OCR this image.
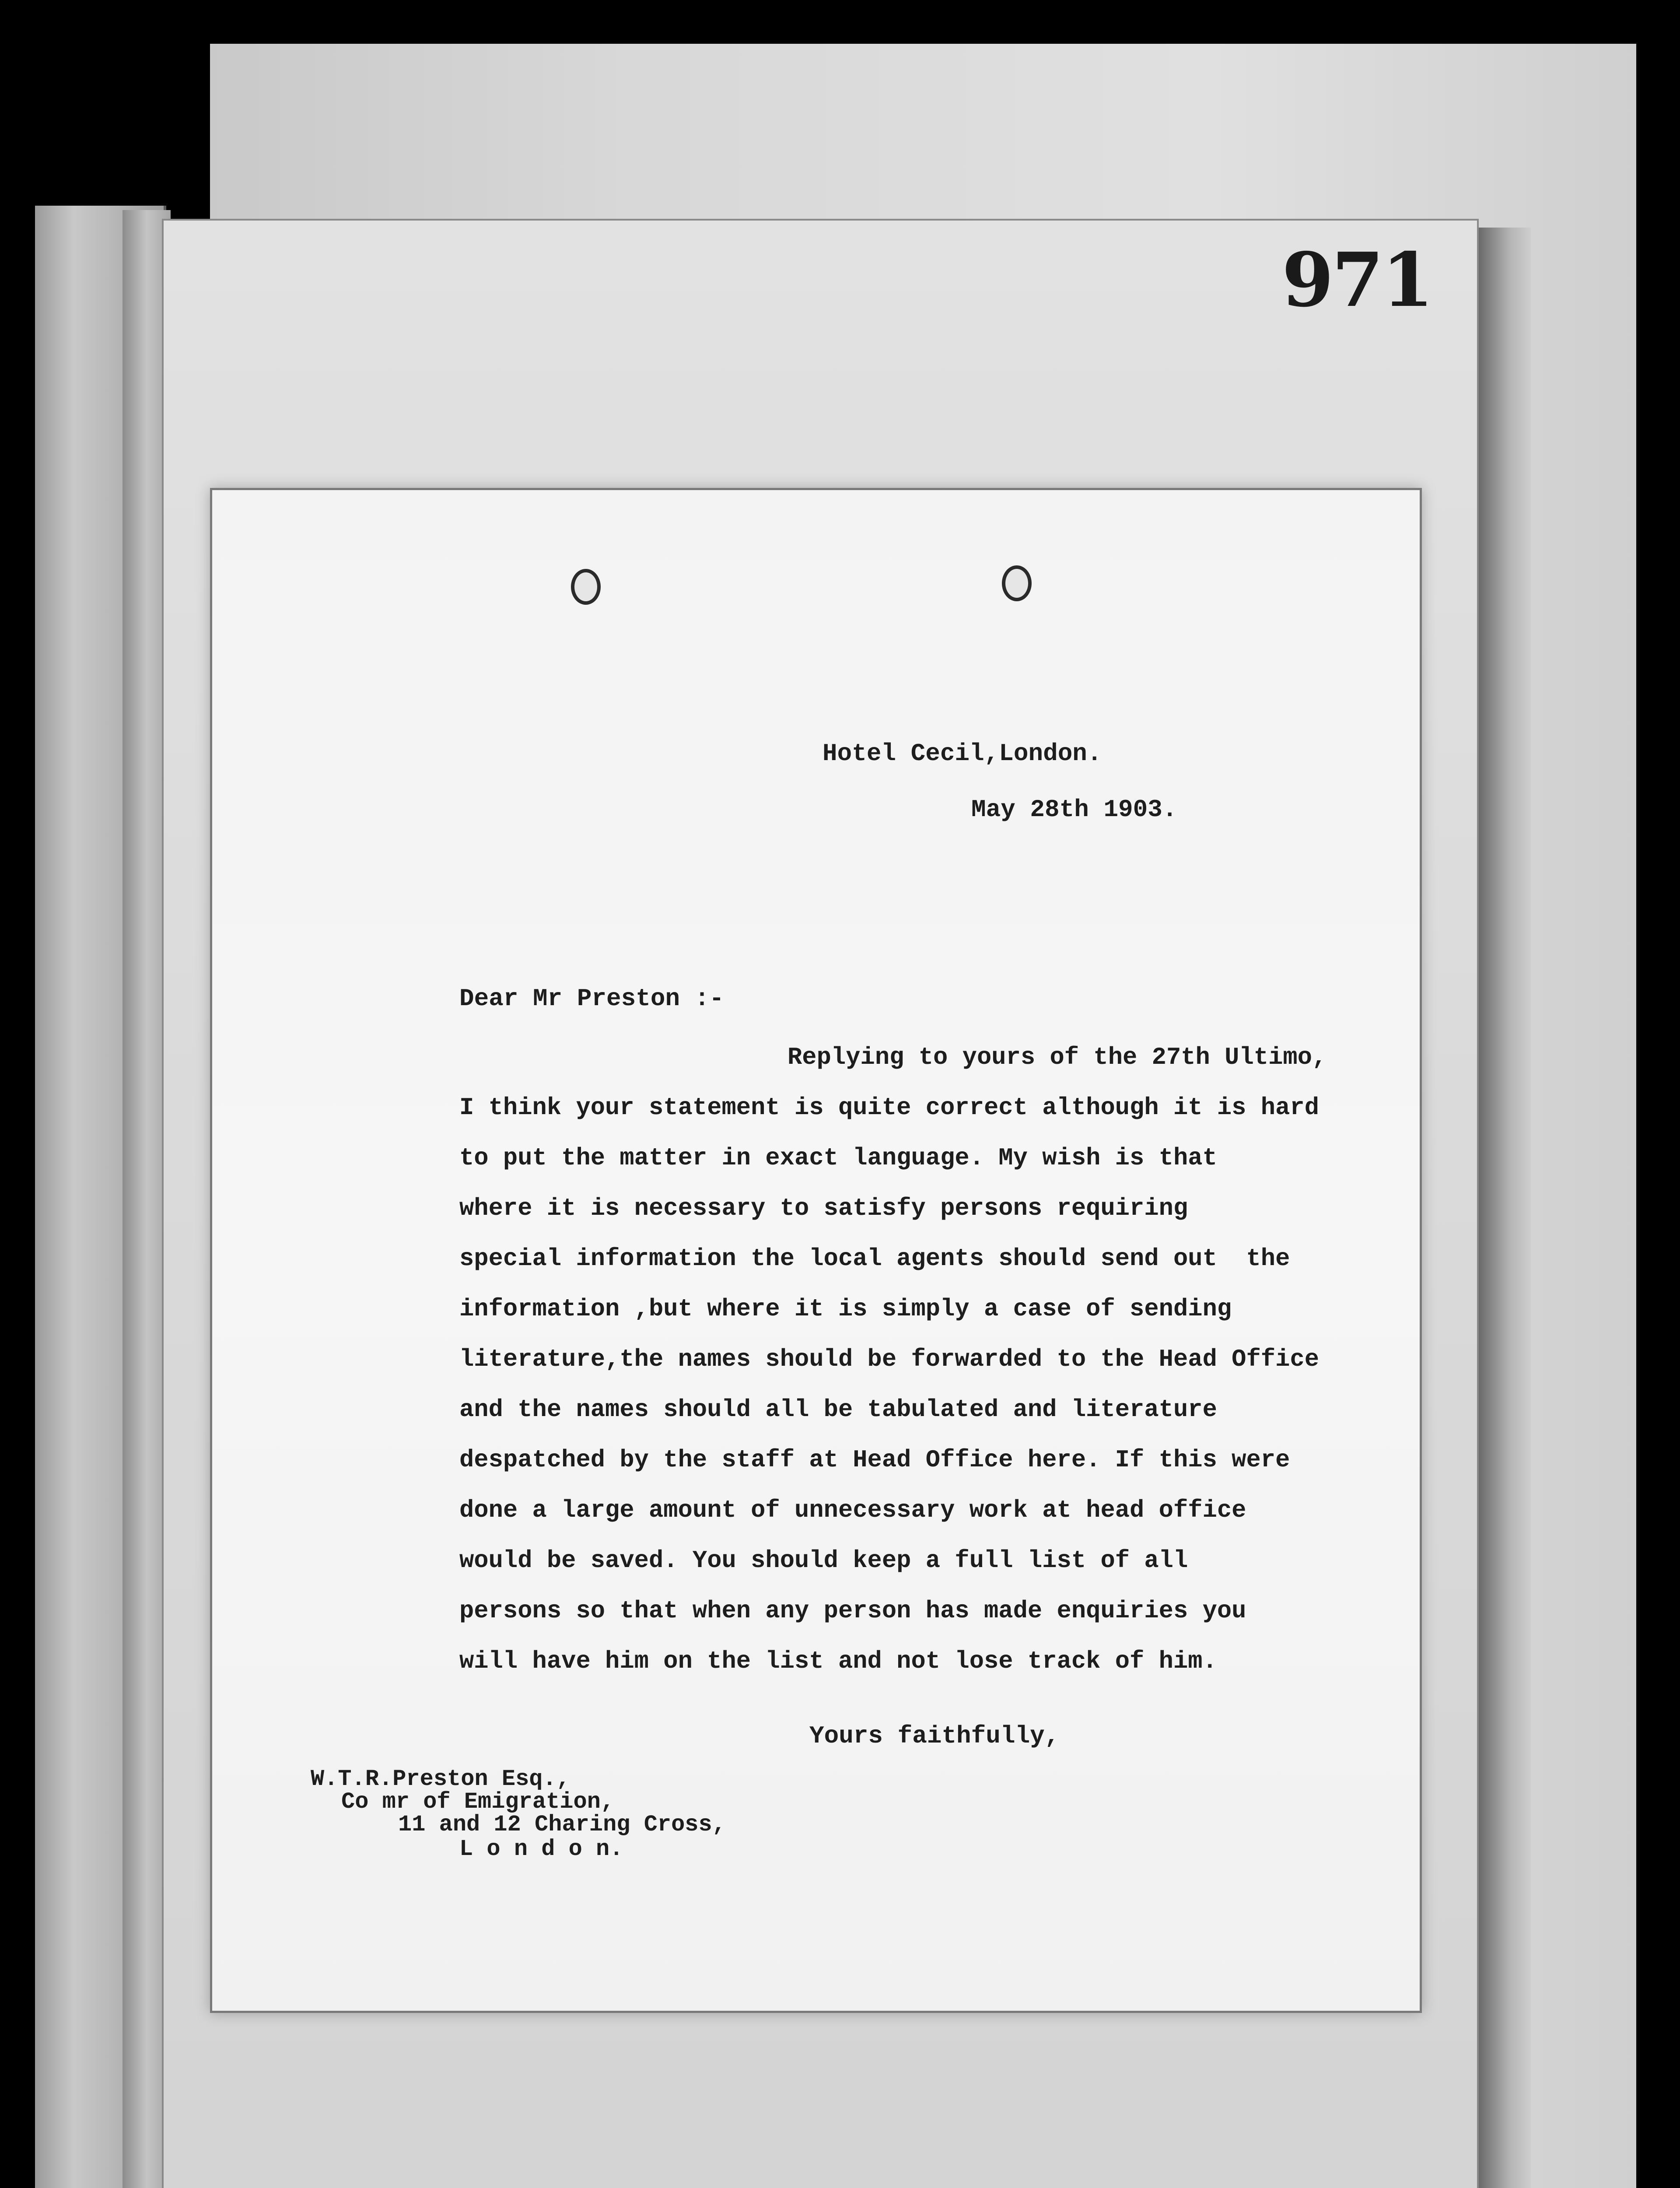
971
Hotel Cecil,London.
May 28th 1903.
Dear Mr Preston :-
Replying to yours of the 27th Ultimo,
I think your statement is quite correct although it is hard
to put the matter in exact language. My wish is that
where it is necessary to satisfy persons requiring
special information the local agents should send out  the
information ,but where it is simply a case of sending
literature,the names should be forwarded to the Head Office
and the names should all be tabulated and literature
despatched by the staff at Head Office here. If this were
done a large amount of unnecessary work at head office
would be saved. You should keep a full list of all
persons so that when any person has made enquiries you
will have him on the list and not lose track of him.
Yours faithfully,
W.T.R.Preston Esq.,
Co mr of Emigration,
11 and 12 Charing Cross,
L o n d o n.
